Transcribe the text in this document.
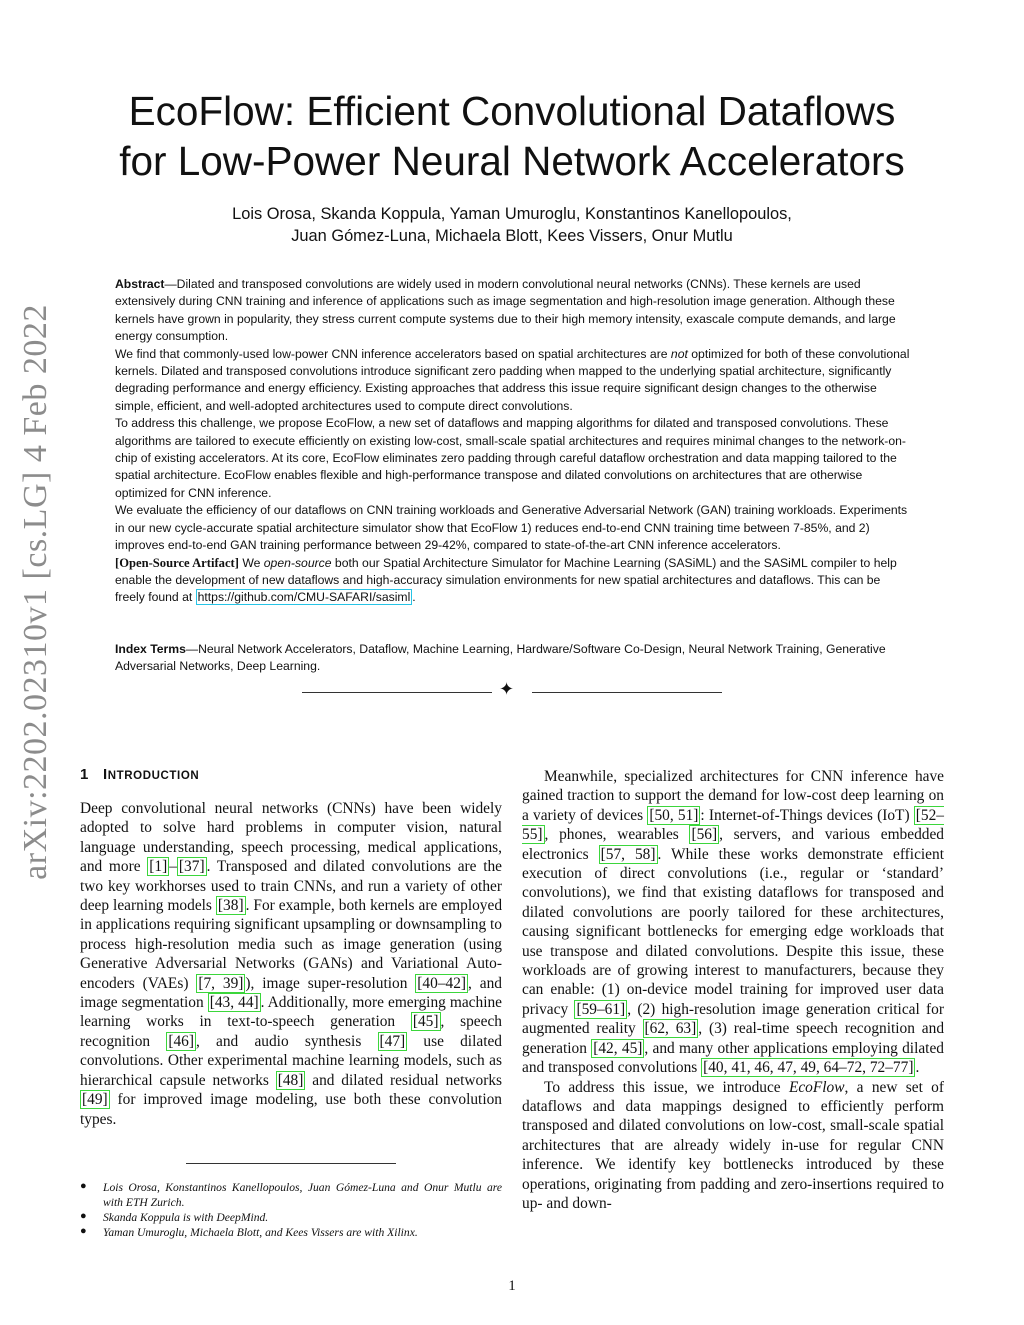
arXiv:2202.02310v1 [cs.LG] 4 Feb 2022
EcoFlow: Efficient Convolutional Dataflows
for Low-Power Neural Network Accelerators
Lois Orosa, Skanda Koppula, Yaman Umuroglu, Konstantinos Kanellopoulos,
Juan Gómez-Luna, Michaela Blott, Kees Vissers, Onur Mutlu

Abstract—Dilated and transposed convolutions are widely used in modern convolutional neural networks (CNNs). These kernels are used extensively during CNN training and inference of applications such as image segmentation and high-resolution image generation. Although these kernels have grown in popularity, they stress current compute systems due to their high memory intensity, exascale compute demands, and large energy consumption.

We find that commonly-used low-power CNN inference accelerators based on spatial architectures are not optimized for both of these convolutional kernels. Dilated and transposed convolutions introduce significant zero padding when mapped to the underlying spatial architecture, significantly degrading performance and energy efficiency. Existing approaches that address this issue require significant design changes to the otherwise simple, efficient, and well-adopted architectures used to compute direct convolutions.

To address this challenge, we propose EcoFlow, a new set of dataflows and mapping algorithms for dilated and transposed convolutions. These algorithms are tailored to execute efficiently on existing low-cost, small-scale spatial architectures and requires minimal changes to the network-on-chip of existing accelerators. At its core, EcoFlow eliminates zero padding through careful dataflow orchestration and data mapping tailored to the spatial architecture. EcoFlow enables flexible and high-performance transpose and dilated convolutions on architectures that are otherwise optimized for CNN inference.

We evaluate the efficiency of our dataflows on CNN training workloads and Generative Adversarial Network (GAN) training workloads. Experiments in our new cycle-accurate spatial architecture simulator show that EcoFlow 1) reduces end-to-end CNN training time between 7-85%, and 2) improves end-to-end GAN training performance between 29-42%, compared to state-of-the-art CNN inference accelerators.

[Open-Source Artifact] We open-source both our Spatial Architecture Simulator for Machine Learning (SASiML) and the SASiML compiler to help enable the development of new dataflows and high-accuracy simulation environments for new spatial architectures and dataflows. This can be freely found at https://github.com/CMU-SAFARI/sasiml .

Index Terms—Neural Network Accelerators, Dataflow, Machine Learning, Hardware/Software Co-Design, Neural Network Training, Generative Adversarial Networks, Deep Learning.

✦
1 INTRODUCTION

Deep convolutional neural networks (CNNs) have been widely adopted to solve hard problems in computer vision, natural language understanding, speech processing, medical applications, and more [1] – [37] . Transposed and dilated convolutions are the two key workhorses used to train CNNs, and run a variety of other deep learning models [38] . For example, both kernels are employed in applications requiring significant upsampling or downsampling to process high-resolution media such as image generation (using Generative Adversarial Networks (GANs) and Variational Auto-encoders (VAEs) [7, 39] ), image super-resolution [40–42] , and image segmentation [43, 44] . Additionally, more emerging machine learning works in text-to-speech generation [45] , speech recognition [46] , and audio synthesis [47] use dilated convolutions. Other experimental machine learning models, such as hierarchical capsule networks [48] and dilated residual networks [49] for improved image modeling, use both these convolution types.

● Lois Orosa, Konstantinos Kanellopoulos, Juan Gómez-Luna and Onur Mutlu are with ETH Zurich.
● Skanda Koppula is with DeepMind.
● Yaman Umuroglu, Michaela Blott, and Kees Vissers are with Xilinx.

Meanwhile, specialized architectures for CNN inference have gained traction to support the demand for low-cost deep learning on a variety of devices [50, 51] : Internet-of-Things devices (IoT) [52–55] , phones, wearables [56] , servers, and various embedded electronics [57, 58] . While these works demonstrate efficient execution of direct convolutions (i.e., regular or ‘standard’ convolutions), we find that existing dataflows for transposed and dilated convolutions are poorly tailored for these architectures, causing significant bottlenecks for emerging edge workloads that use transpose and dilated convolutions. Despite this issue, these workloads are of growing interest to manufacturers, because they can enable: (1) on-device model training for improved user data privacy [59–61] , (2) high-resolution image generation critical for augmented reality [62, 63] , (3) real-time speech recognition and generation [42, 45] , and many other applications employing dilated and transposed convolutions [40, 41, 46, 47, 49, 64–72, 72–77] .

To address this issue, we introduce EcoFlow, a new set of dataflows and data mappings designed to efficiently perform transposed and dilated convolutions on low-cost, small-scale spatial architectures that are already widely in-use for regular CNN inference. We identify key bottlenecks introduced by these operations, originating from padding and zero-insertions required to up- and down-

1
